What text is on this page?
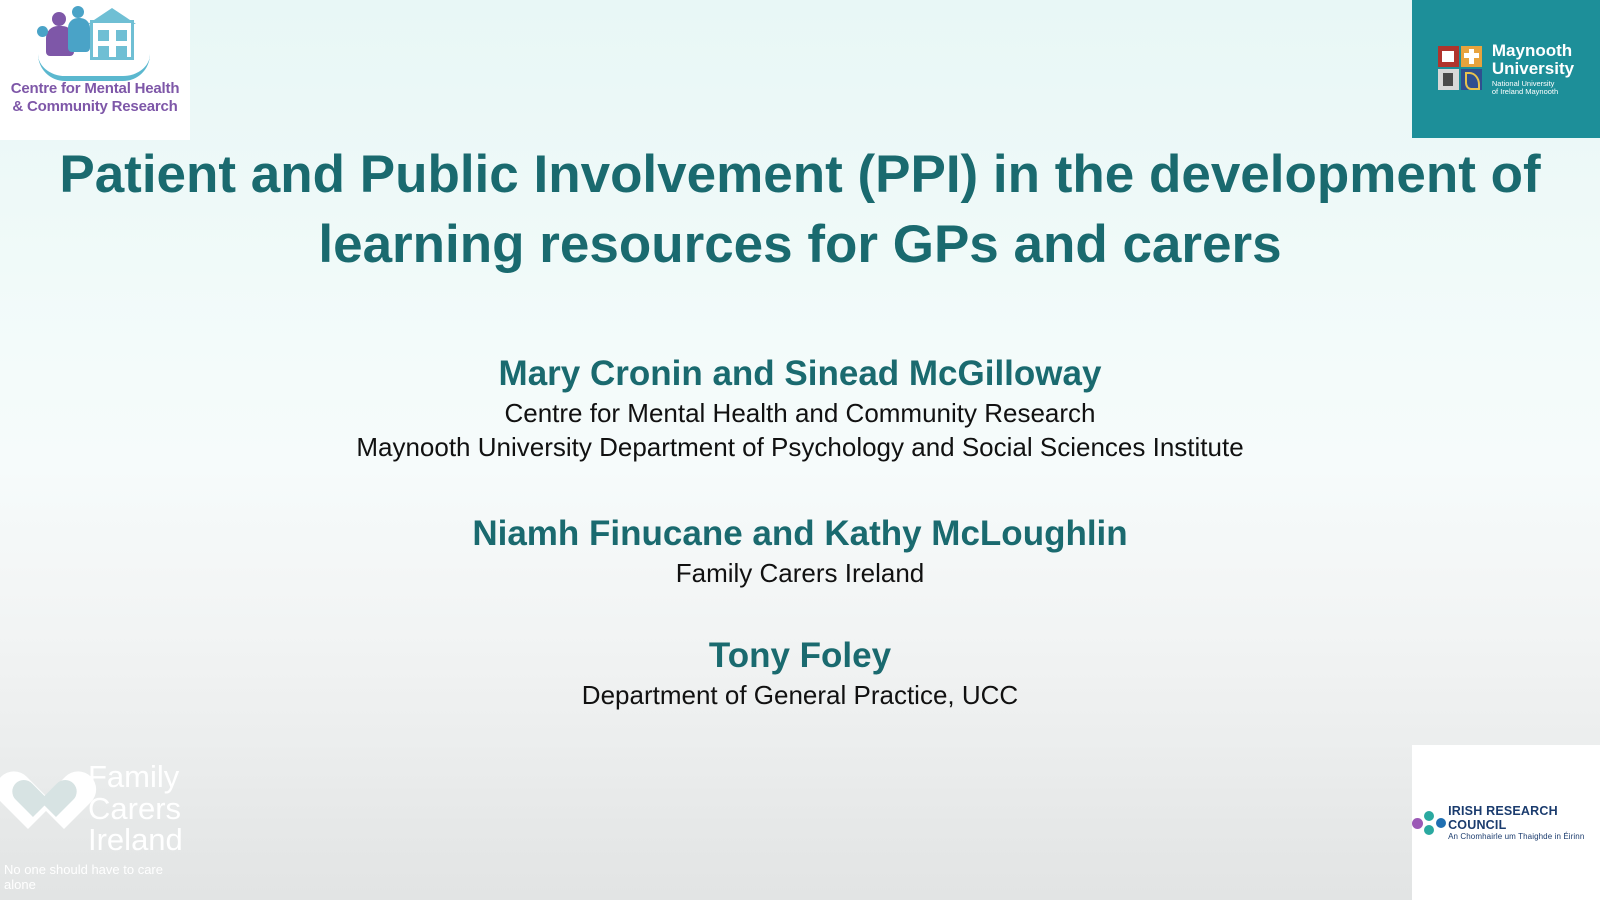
Centre for Mental Health
& Community Research
Maynooth
University
National University
of Ireland Maynooth
Patient and Public Involvement (PPI) in the development of learning resources for GPs and carers
Mary Cronin and Sinead McGilloway
Centre for Mental Health and Community Research
Maynooth University Department of Psychology and Social Sciences Institute
Niamh Finucane and Kathy McLoughlin
Family Carers Ireland
Tony Foley
Department of General Practice, UCC
Family
Carers
Ireland
No one should have to care alone
IRISH RESEARCH COUNCIL
An Chomhairle um Thaighde in Éirinn
